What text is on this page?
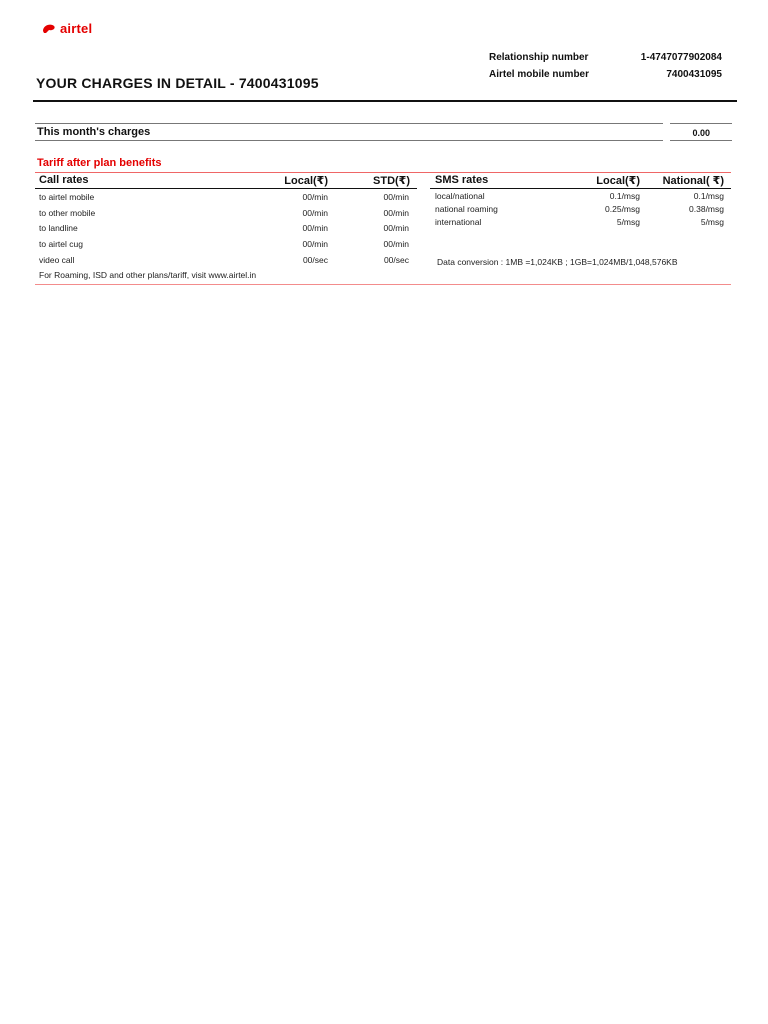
airtel
Relationship number	1-4747077902084
Airtel mobile number	7400431095
YOUR CHARGES IN DETAIL - 7400431095
This month's charges	0.00
Tariff after plan benefits
Call rates	Local(₹)	STD(₹)
to airtel mobile	00/min	00/min
to other mobile	00/min	00/min
to landline	00/min	00/min
to airtel cug	00/min	00/min
video call	00/sec	00/sec
SMS rates	Local(₹)	National( ₹)
local/national	0.1/msg	0.1/msg
national roaming	0.25/msg	0.38/msg
international	5/msg	5/msg
Data conversion : 1MB =1,024KB ; 1GB=1,024MB/1,048,576KB
For Roaming, ISD and other plans/tariff, visit www.airtel.in
